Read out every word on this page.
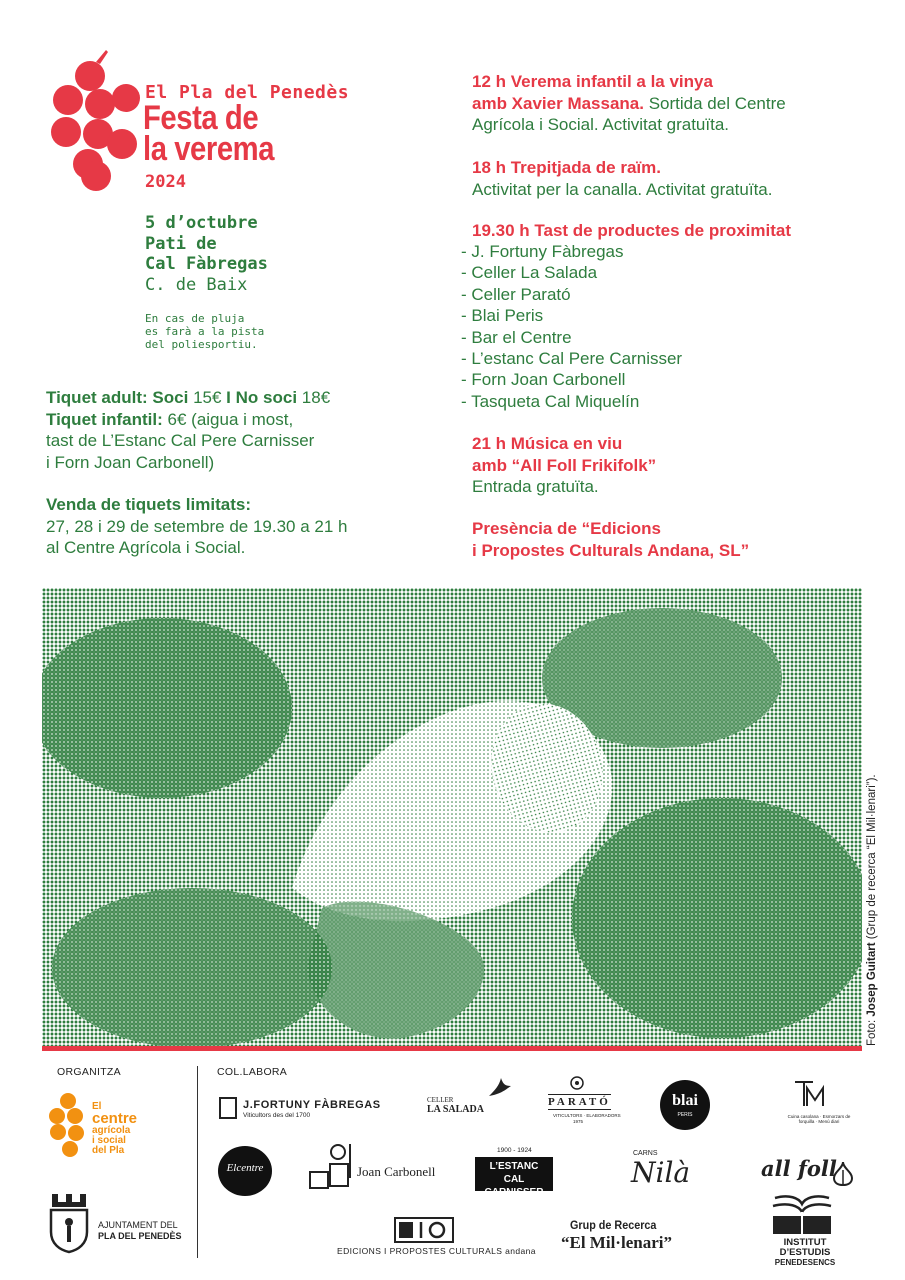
El Pla del Penedès
Festa de
la verema
2024
5 d’octubre
Pati de
Cal Fàbregas
C. de Baix
En cas de pluja
es farà a la pista
del poliesportiu.
Tiquet adult: Soci 15€ I No soci 18€
Tiquet infantil: 6€ (aigua i most,
tast de L’Estanc Cal Pere Carnisser
i Forn Joan Carbonell)
Venda de tiquets limitats:
27, 28 i 29 de setembre de 19.30 a 21 h
al Centre Agrícola i Social.
12 h Verema infantil a la vinya
amb Xavier Massana. Sortida del Centre
Agrícola i Social. Activitat gratuïta.
18 h Trepitjada de raïm.
Activitat per la canalla. Activitat gratuïta.
19.30 h Tast de productes de proximitat
- J. Fortuny Fàbregas
- Celler La Salada
- Celler Parató
- Blai Peris
- Bar el Centre
- L’estanc Cal Pere Carnisser
- Forn Joan Carbonell
- Tasqueta Cal Miquelín
21 h Música en viu
amb “All Foll Frikifolk”
Entrada gratuïta.
Presència de “Edicions
i Propostes Culturals Andana, SL”
Foto: Josep Guitart (Grup de recerca “El Mil·lenari”).
ORGANITZA	COL.LABORA
El
centre
agrícola
i social
del Pla
AJUNTAMENT DEL
PLA DEL PENEDÈS
J.FORTUNY FÀBREGAS
Viticultors des del 1700
CELLER
LA SALADA
PARATÓ
VITICULTORS · ELABORADORS
1975
blai
PERIS	Cuina casolana · Esmorzars de
forquilla · Menú diari
Elcentre	Joan Carbonell
1900 - 1924
L’ESTANC
CAL CARNISSER
CARNS
Nilà	all foll
EDICIONS I PROPOSTES CULTURALS andana
Grup de Recerca
“El Mil·lenari”	INSTITUT
D’ESTUDIS
PENEDESENCS
